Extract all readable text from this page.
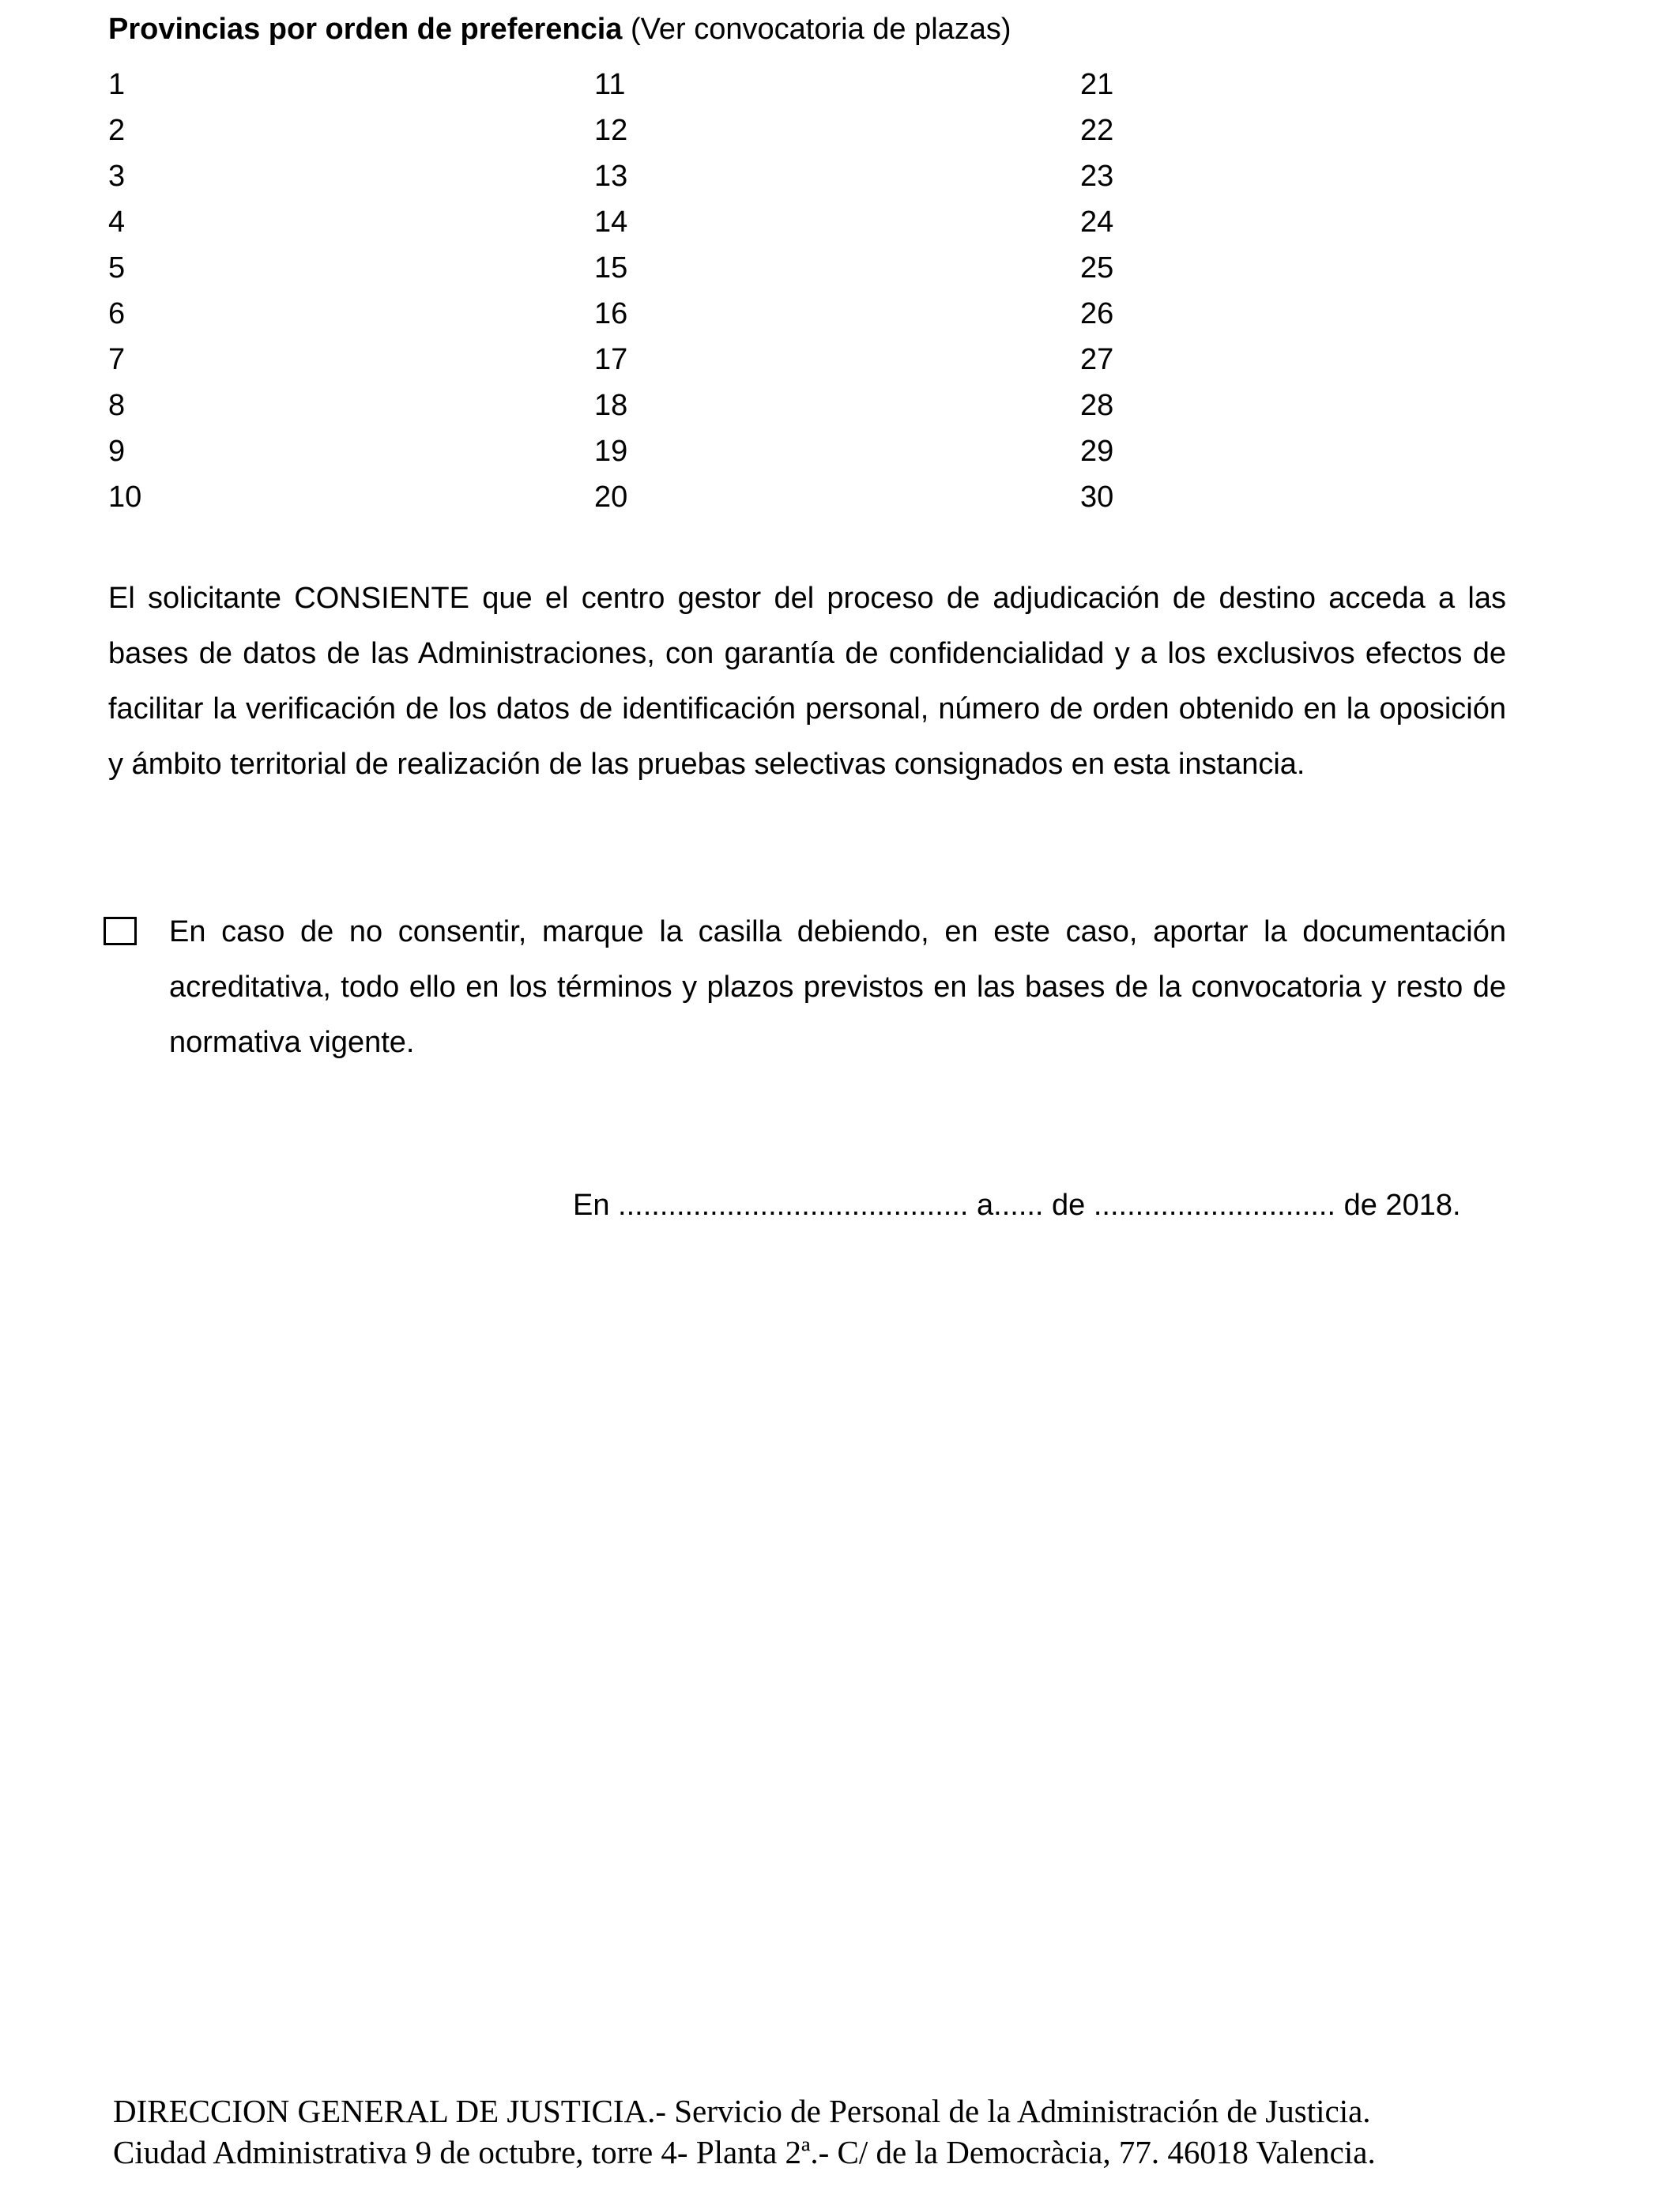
Provincias por orden de preferencia (Ver convocatoria de plazas)
1
2
3
4
5
6
7
8
9
10
11
12
13
14
15
16
17
18
19
20
21
22
23
24
25
26
27
28
29
30

El solicitante CONSIENTE que el centro gestor del proceso de adjudicación de destino acceda a las bases de datos de las Administraciones, con garantía de confidencialidad y a los exclusivos efectos de facilitar la verificación de los datos de identificación personal, número de orden obtenido en la oposición y ámbito territorial de realización de las pruebas selectivas consignados en esta instancia.

En caso de no consentir, marque la casilla debiendo, en este caso, aportar la documentación acreditativa, todo ello en los términos y plazos previstos en las bases de la convocatoria y resto de normativa vigente.

En .......................................... a...... de ............................. de 2018.
DIRECCION GENERAL DE JUSTICIA.- Servicio de Personal de la Administración de Justicia.
Ciudad Administrativa 9 de octubre, torre 4- Planta 2ª.- C/ de la Democràcia, 77. 46018 Valencia.
